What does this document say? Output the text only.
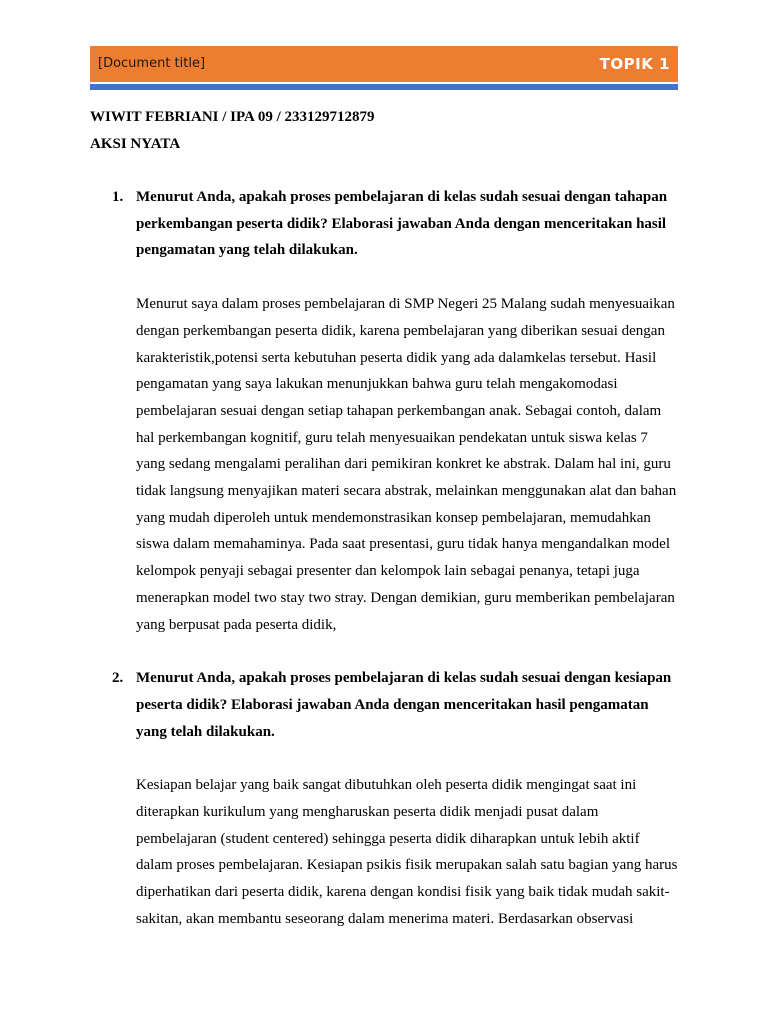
[Document title]	TOPIK 1

WIWIT FEBRIANI / IPA 09 / 233129712879

AKSI NYATA

1. Menurut Anda, apakah proses pembelajaran di kelas sudah sesuai dengan tahapan perkembangan peserta didik? Elaborasi jawaban Anda dengan menceritakan hasil pengamatan yang telah dilakukan.

Menurut saya dalam proses pembelajaran di SMP Negeri 25 Malang sudah menyesuaikan dengan perkembangan peserta didik, karena pembelajaran yang diberikan sesuai dengan karakteristik,potensi serta kebutuhan peserta didik yang ada dalamkelas tersebut. Hasil pengamatan yang saya lakukan menunjukkan bahwa guru telah mengakomodasi pembelajaran sesuai dengan setiap tahapan perkembangan anak. Sebagai contoh, dalam hal perkembangan kognitif, guru telah menyesuaikan pendekatan untuk siswa kelas 7 yang sedang mengalami peralihan dari pemikiran konkret ke abstrak. Dalam hal ini, guru tidak langsung menyajikan materi secara abstrak, melainkan menggunakan alat dan bahan yang mudah diperoleh untuk mendemonstrasikan konsep pembelajaran, memudahkan siswa dalam memahaminya. Pada saat presentasi, guru tidak hanya mengandalkan model kelompok penyaji sebagai presenter dan kelompok lain sebagai penanya, tetapi juga menerapkan model two stay two stray. Dengan demikian, guru memberikan pembelajaran yang berpusat pada peserta didik,

2. Menurut Anda, apakah proses pembelajaran di kelas sudah sesuai dengan kesiapan peserta didik? Elaborasi jawaban Anda dengan menceritakan hasil pengamatan yang telah dilakukan.

Kesiapan belajar yang baik sangat dibutuhkan oleh peserta didik mengingat saat ini diterapkan kurikulum yang mengharuskan peserta didik menjadi pusat dalam pembelajaran (student centered) sehingga peserta didik diharapkan untuk lebih aktif dalam proses pembelajaran. Kesiapan psikis fisik merupakan salah satu bagian yang harus diperhatikan dari peserta didik, karena dengan kondisi fisik yang baik tidak mudah sakit-sakitan, akan membantu seseorang dalam menerima materi. Berdasarkan observasi
